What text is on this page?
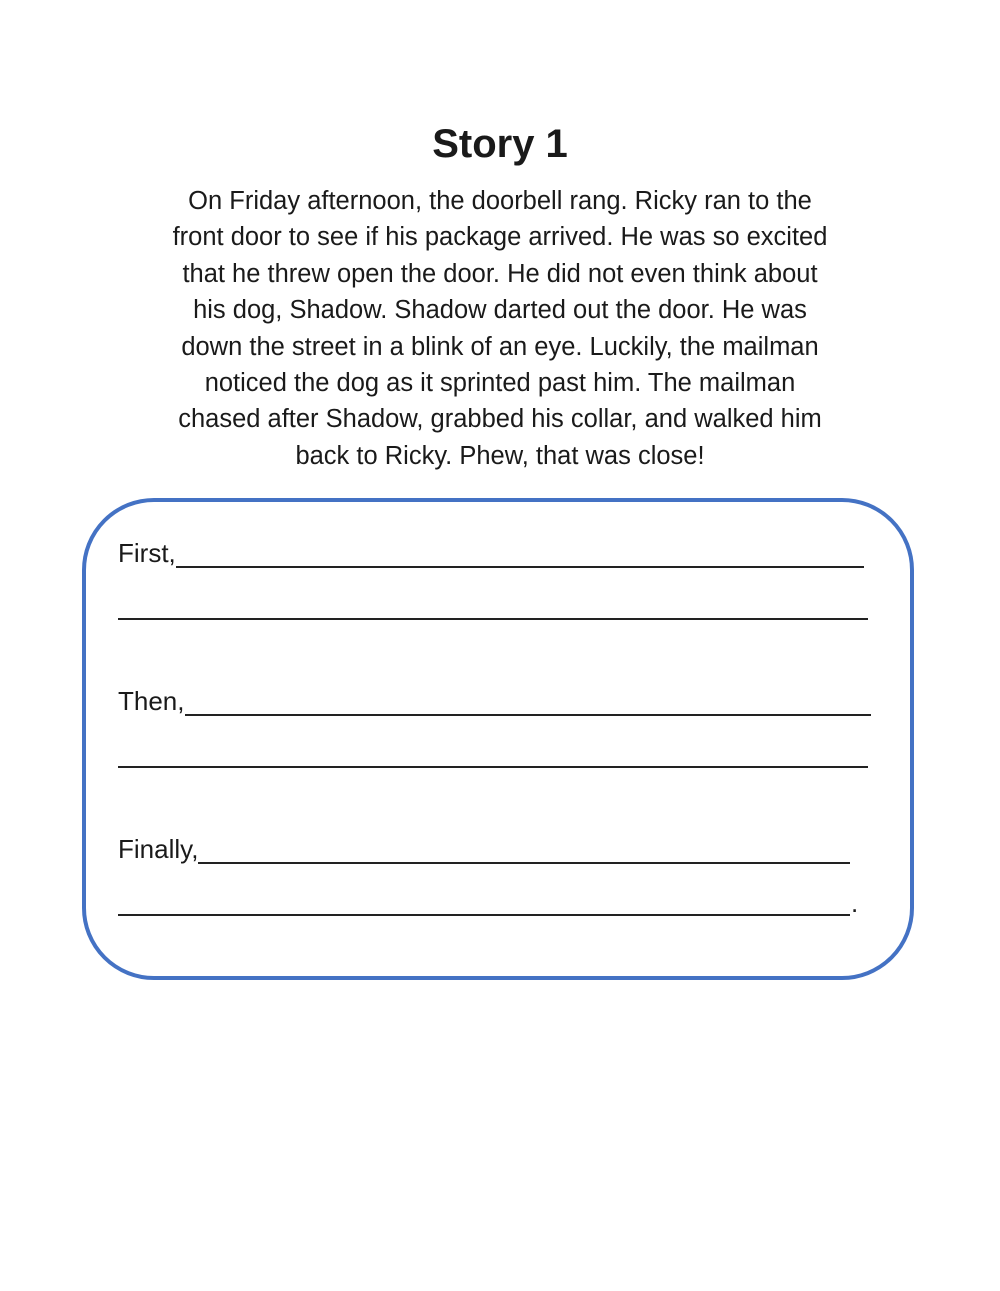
Story 1
On Friday afternoon, the doorbell rang. Ricky ran to the
front door to see if his package arrived. He was so excited
that he threw open the door. He did not even think about
his dog, Shadow. Shadow darted out the door. He was
down the street in a blink of an eye. Luckily, the mailman
noticed the dog as it sprinted past him. The mailman
chased after Shadow, grabbed his collar, and walked him
back to Ricky. Phew, that was close!
First,
Then,
Finally,
.
